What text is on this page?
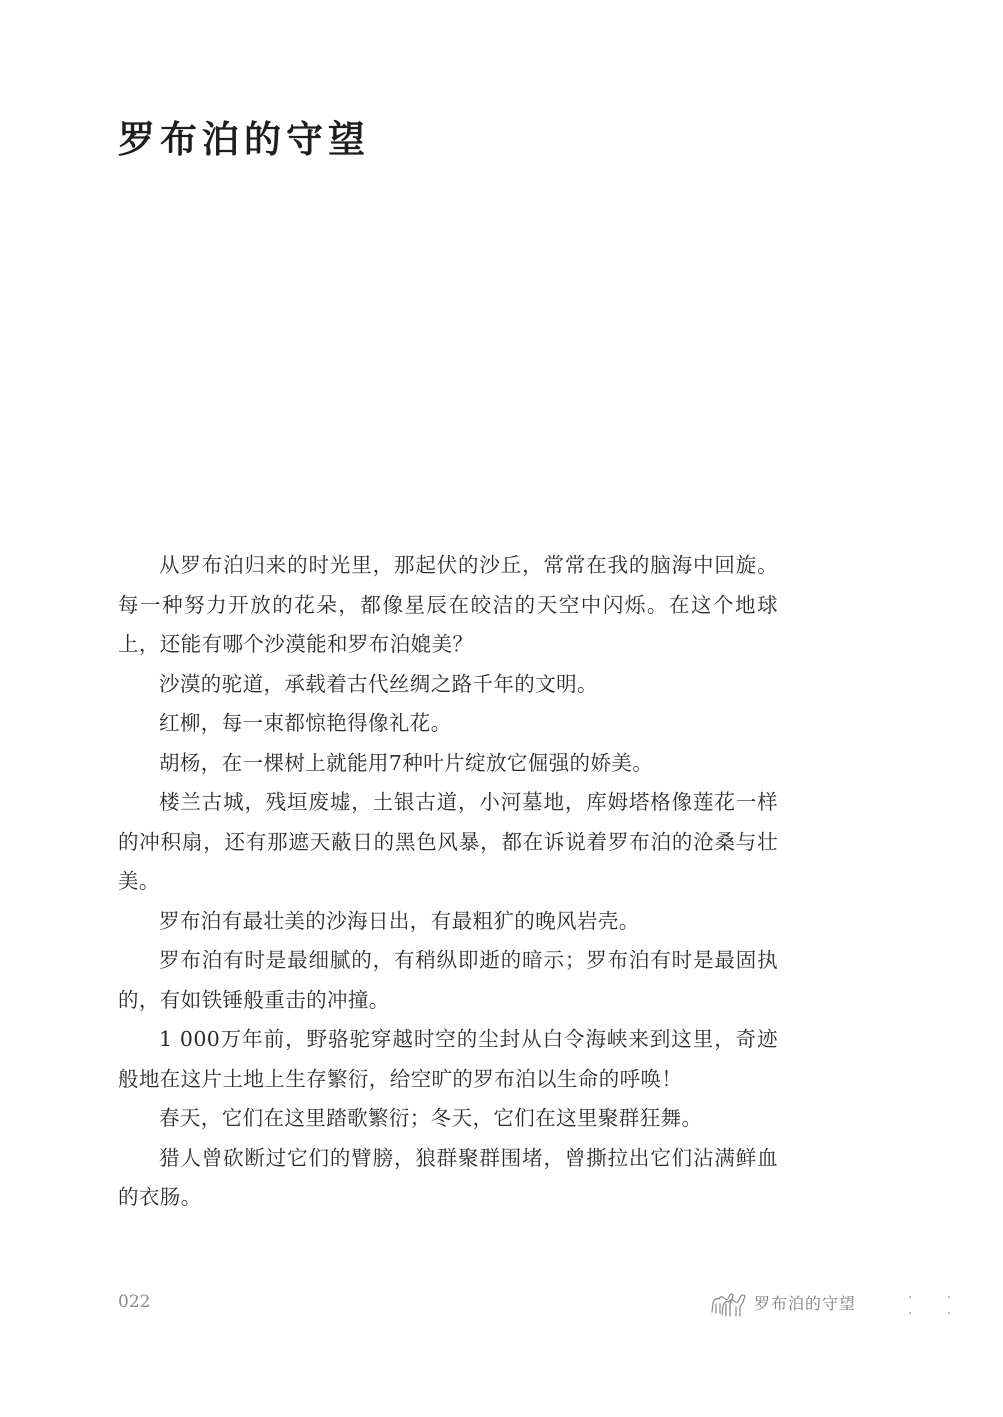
罗布泊的守望

从罗布泊归来的时光里，那起伏的沙丘，常常在我的脑海中回旋。每一种努力开放的花朵，都像星辰在皎洁的天空中闪烁。在这个地球上，还能有哪个沙漠能和罗布泊媲美？

沙漠的驼道，承载着古代丝绸之路千年的文明。

红柳，每一束都惊艳得像礼花。

胡杨，在一棵树上就能用7种叶片绽放它倔强的娇美。

楼兰古城，残垣废墟，土银古道，小河墓地，库姆塔格像莲花一样的冲积扇，还有那遮天蔽日的黑色风暴，都在诉说着罗布泊的沧桑与壮美。

罗布泊有最壮美的沙海日出，有最粗犷的晚风岩壳。

罗布泊有时是最细腻的，有稍纵即逝的暗示；罗布泊有时是最固执的，有如铁锤般重击的冲撞。

1 000万年前，野骆驼穿越时空的尘封从白令海峡来到这里，奇迹般地在这片土地上生存繁衍，给空旷的罗布泊以生命的呼唤！

春天，它们在这里踏歌繁衍；冬天，它们在这里聚群狂舞。

猎人曾砍断过它们的臂膀，狼群聚群围堵，曾撕拉出它们沾满鲜血的衣肠。

022	罗布泊的守望	· · · ·
